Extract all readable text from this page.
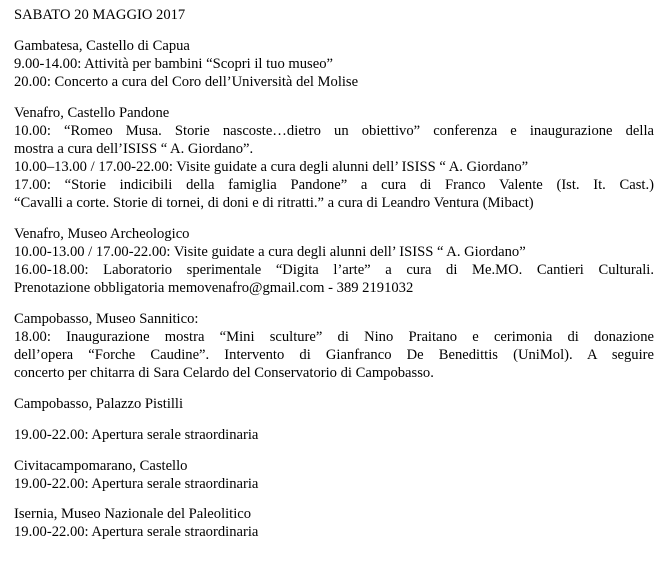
SABATO 20 MAGGIO 2017
Gambatesa, Castello di Capua
9.00-14.00: Attività per bambini “Scopri il tuo museo”
20.00: Concerto a cura del Coro dell’Università del Molise
Venafro, Castello Pandone
10.00: “Romeo Musa. Storie nascoste…dietro un obiettivo” conferenza e inaugurazione della
mostra a cura dell’ISISS “ A. Giordano”.
10.00–13.00 / 17.00-22.00: Visite guidate a cura degli alunni dell’ ISISS “ A. Giordano”
17.00: “Storie indicibili della famiglia Pandone” a cura di Franco Valente (Ist. It. Cast.)
“Cavalli a corte. Storie di tornei, di doni e di ritratti.” a cura di Leandro Ventura (Mibact)
Venafro, Museo Archeologico
10.00-13.00 / 17.00-22.00: Visite guidate a cura degli alunni dell’ ISISS “ A. Giordano”
16.00-18.00: Laboratorio sperimentale “Digita l’arte” a cura di Me.MO. Cantieri Culturali.
Prenotazione obbligatoria memovenafro@gmail.com - 389 2191032
Campobasso, Museo Sannitico:
18.00: Inaugurazione mostra “Mini sculture” di Nino Praitano e cerimonia di donazione
dell’opera “Forche Caudine”. Intervento di Gianfranco De Benedittis (UniMol). A seguire
concerto per chitarra di Sara Celardo del Conservatorio di Campobasso.
Campobasso, Palazzo Pistilli
19.00-22.00: Apertura serale straordinaria
Civitacampomarano, Castello
19.00-22.00: Apertura serale straordinaria
Isernia, Museo Nazionale del Paleolitico
19.00-22.00: Apertura serale straordinaria
